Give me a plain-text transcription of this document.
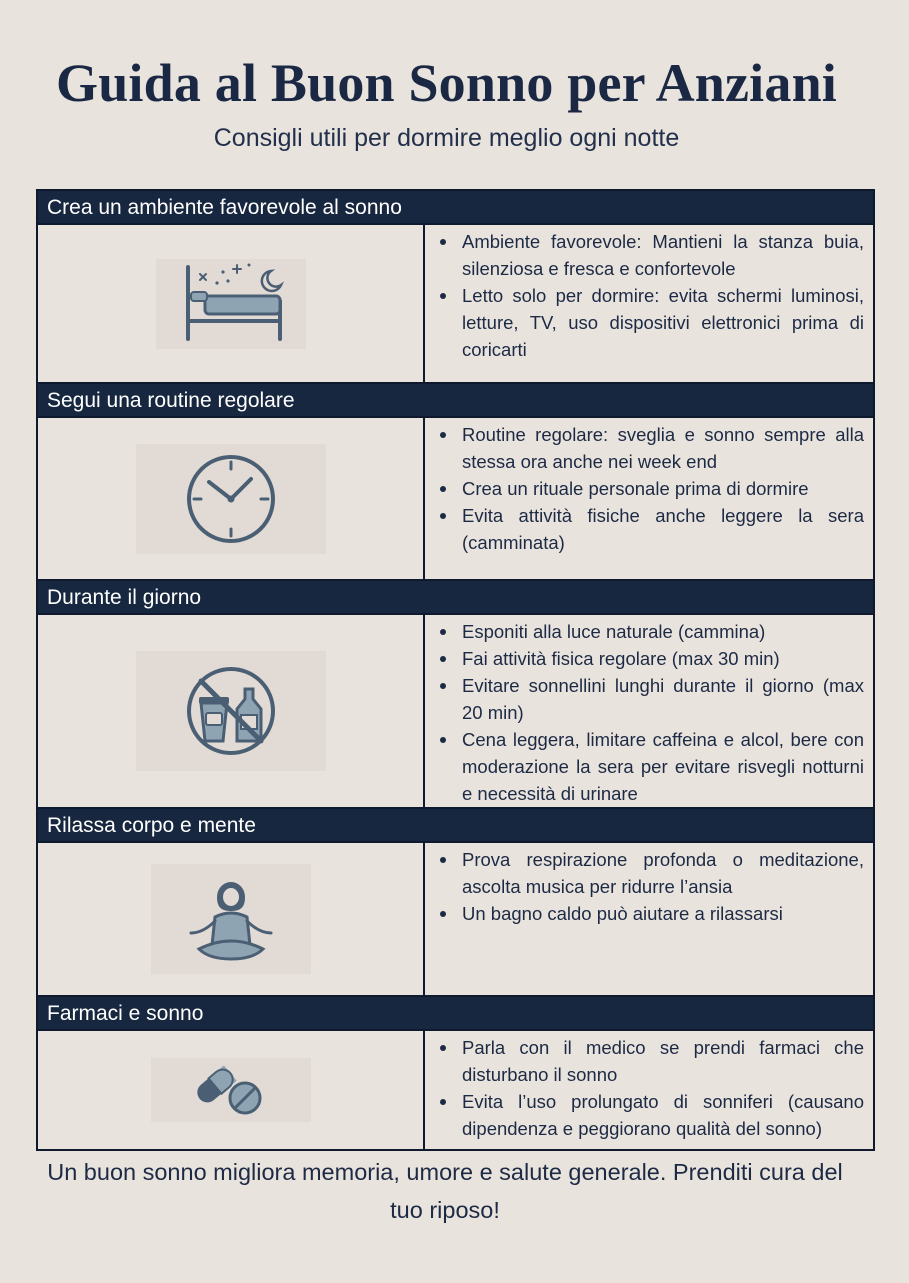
Guida al Buon Sonno per Anziani
Consigli utili per dormire meglio ogni notte
Crea un ambiente favorevole al sonno
Ambiente favorevole: Mantieni la stanza buia, silenziosa e fresca e confortevole
Letto solo per dormire: evita schermi luminosi, letture, TV, uso dispositivi elettronici prima di coricarti
Segui una routine regolare
Routine regolare: sveglia e sonno sempre alla stessa ora anche nei week end
Crea un rituale personale prima di dormire
Evita attività fisiche anche leggere la sera (camminata)
Durante il giorno
Esponiti alla luce naturale (cammina)
Fai attività fisica regolare (max 30 min)
Evitare sonnellini lunghi durante il giorno (max 20 min)
Cena leggera, limitare caffeina e alcol, bere con moderazione la sera per evitare risvegli notturni e necessità di urinare
Rilassa corpo e mente
Prova respirazione profonda o meditazione, ascolta musica per ridurre l’ansia
Un bagno caldo può aiutare a rilassarsi
Farmaci e sonno
Parla con il medico se prendi farmaci che disturbano il sonno
Evita l’uso prolungato di sonniferi (causano dipendenza e peggiorano qualità del sonno)
Un buon sonno migliora memoria, umore e salute generale. Prenditi cura del tuo riposo!
